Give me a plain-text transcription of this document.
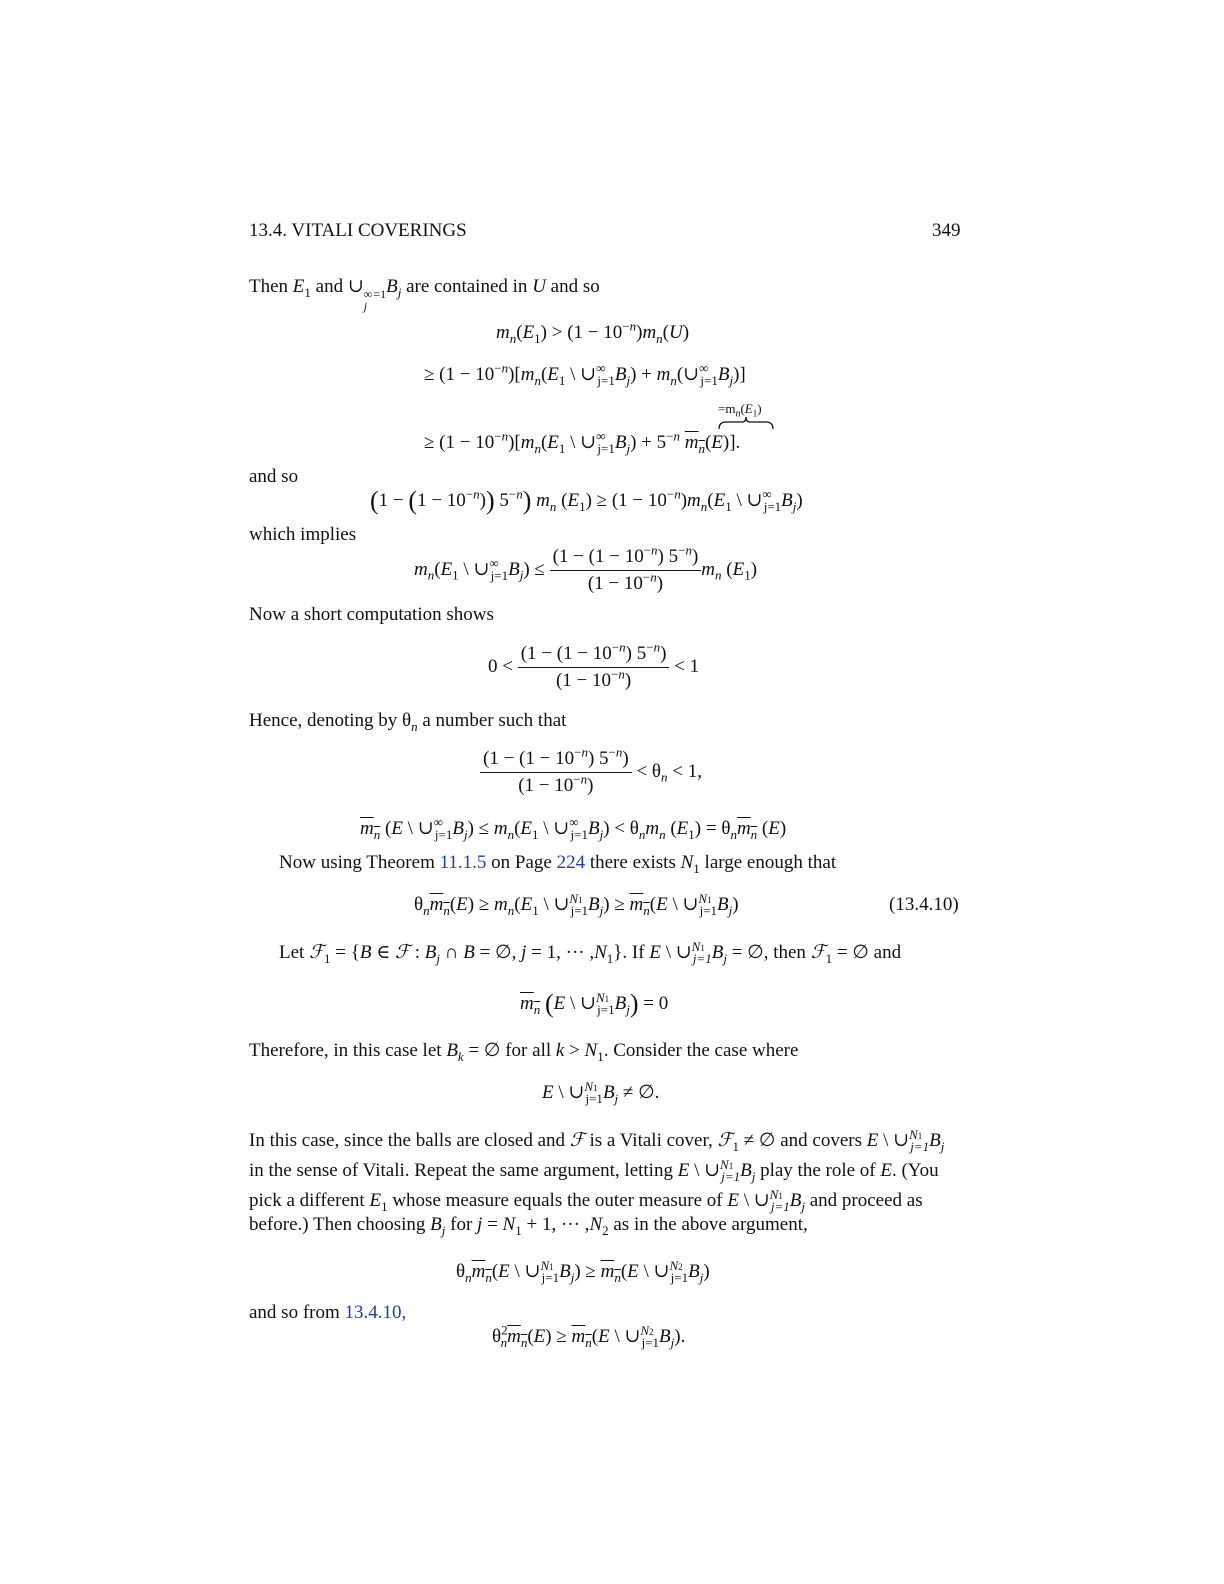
13.4. VITALI COVERINGS	349
Then $E_1$ and ∪ ∞
j
$_{=1}B_j$ are contained in U and so
$m_n(E_1) > (1 - 10^{-n})m_n(U)$
≥ $(1 - 10^{-n})[m_n(E_1$ \ $\cup^\infty_{j=1}B_j$) + $m_n(\cup^\infty_{j=1}B_j)$]
$=m_n(E_1)$
≥ $(1 - 10^{-n})[m_n(E_1$ \ $\cup^\infty_{j=1}B_j) + 5^{-n}$ $m_n(E)$].
and so
$(1 - (1 - 10^{-n}))$ $5^{-n}$) $m_n$ $(E_1) \ge (1 - 10^{-n})m_n(E_1$ \ $\cup^\infty_{j=1}B_j$)
which implies
$m_n(E_1$ \ $\cup^\infty_{j=1}B_j) \le \frac{(1 - (1 - 10^{-n}) 5^{-n})}{(1 - 10^{-n})} m_n$ $(E_1)$
Now a short computation shows
$0 < \frac{(1 - (1 - 10^{-n}) 5^{-n})}{(1 - 10^{-n})} < 1$
Hence, denoting by $\theta_n$ a number such that
$\frac{(1 - (1 - 10^{-n}) 5^{-n})}{(1 - 10^{-n})} < \theta_n < 1$,
$m_n$ (E \ $\cup^\infty_{j=1}B_j) \le m_n(E_1$ \ $\cup^\infty_{j=1}B_j) < \theta_nm_n$ $(E_1) = \theta_nm_n$ (E)
Now using Theorem 11.1.5 on Page 224 there exists $N_1$ large enough that
$\theta_nm_n(E) \ge m_n(E_1$ \ $\cup^{N1}_{j=1}B_j) \ge m_n(E$ \ $\cup^{N1}_{j=1}B_j$)	(13.4.10)
Let ℱ$_1$ = {B ∈ ℱ : $B_j$ ∩ B = ∅, j = 1, ··· $,N_1$}. If E \ $\cup^{N1}_{j=1}B_j$ = ∅, then ℱ$_1$ = ∅ and
$m_n$ (E \ $\cup^{N1}_{j=1}B_j) = 0$
Therefore, in this case let $B_k$ = ∅ for all $k > N_1$. Consider the case where
E \ $\cup^{N1}_{j=1}B_j$ ≠ ∅.
In this case, since the balls are closed and ℱ is a Vitali cover, ℱ$_1$ ≠ ∅ and covers E \ $\cup^{N1}_{j=1}B_j$
in the sense of Vitali. Repeat the same argument, letting E \ $\cup^{N1}_{j=1}B_j$ play the role of E. (You
pick a different $E_1$ whose measure equals the outer measure of E \ $\cup^{N1}_{j=1}B_j$ and proceed as
before.) Then choosing $B_j$ for $j = N_1 + 1$, ··· $,N_2$ as in the above argument,
$\theta_nm_n(E$ \ $\cup^{N1}_{j=1}B_j) \ge m_n(E$ \ $\cup^{N2}_{j=1}B_j$)
and so from 13.4.10,
$\theta^2_nm_n(E) \ge m_n(E$ \ $\cup^{N2}_{j=1}B_j$).
